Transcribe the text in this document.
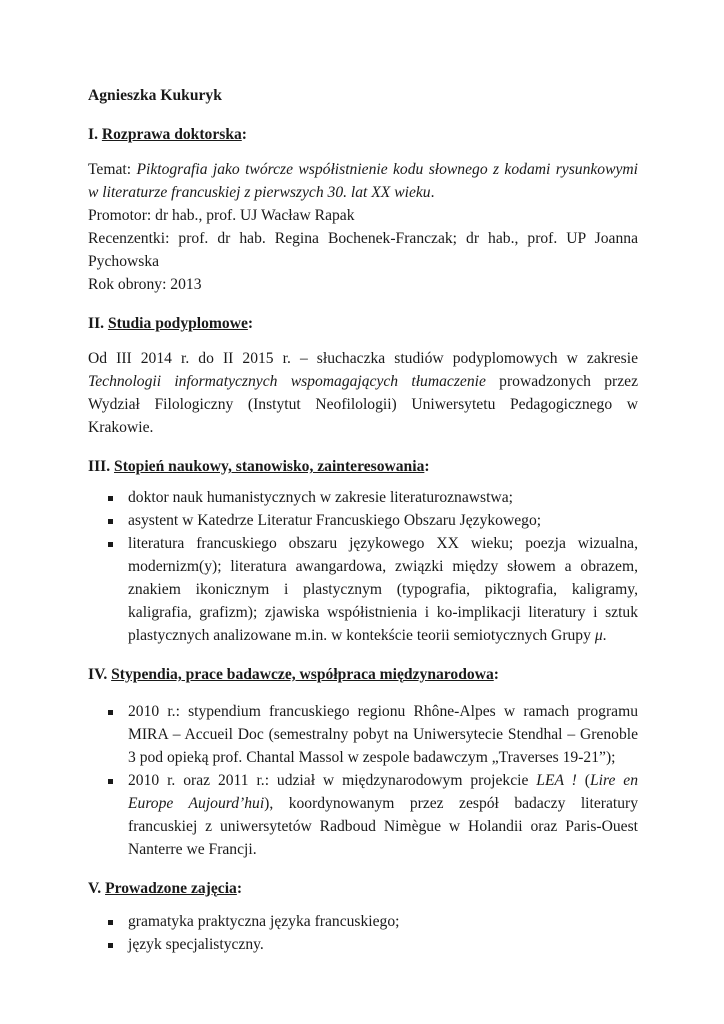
Agnieszka Kukuryk

I. Rozprawa doktorska:

Temat: Piktografia jako twórcze współistnienie kodu słownego z kodami rysunkowymi w literaturze francuskiej z pierwszych 30. lat XX wieku.

Promotor: dr hab., prof. UJ Wacław Rapak

Recenzentki: prof. dr hab. Regina Bochenek-Franczak; dr hab., prof. UP Joanna Pychowska

Rok obrony: 2013

II. Studia podyplomowe:

Od III 2014 r. do II 2015 r. – słuchaczka studiów podyplomowych w zakresie Technologii informatycznych wspomagających tłumaczenie prowadzonych przez Wydział Filologiczny (Instytut Neofilologii) Uniwersytetu Pedagogicznego w Krakowie.

III. Stopień naukowy, stanowisko, zainteresowania:

doktor nauk humanistycznych w zakresie literaturoznawstwa;
asystent w Katedrze Literatur Francuskiego Obszaru Językowego;
literatura francuskiego obszaru językowego XX wieku; poezja wizualna, modernizm(y); literatura awangardowa, związki między słowem a obrazem, znakiem ikonicznym i plastycznym (typografia, piktografia, kaligramy, kaligrafia, grafizm); zjawiska współistnienia i ko-implikacji literatury i sztuk plastycznych analizowane m.in. w kontekście teorii semiotycznych Grupy μ.

IV. Stypendia, prace badawcze, współpraca międzynarodowa:

2010 r.: stypendium francuskiego regionu Rhône-Alpes w ramach programu MIRA – Accueil Doc (semestralny pobyt na Uniwersytecie Stendhal – Grenoble 3 pod opieką prof. Chantal Massol w zespole badawczym „Traverses 19-21”);
2010 r. oraz 2011 r.: udział w międzynarodowym projekcie LEA ! (Lire en Europe Aujourd’hui), koordynowanym przez zespół badaczy literatury francuskiej z uniwersytetów Radboud Nimègue w Holandii oraz Paris-Ouest Nanterre we Francji.

V. Prowadzone zajęcia:

gramatyka praktyczna języka francuskiego;
język specjalistyczny.
